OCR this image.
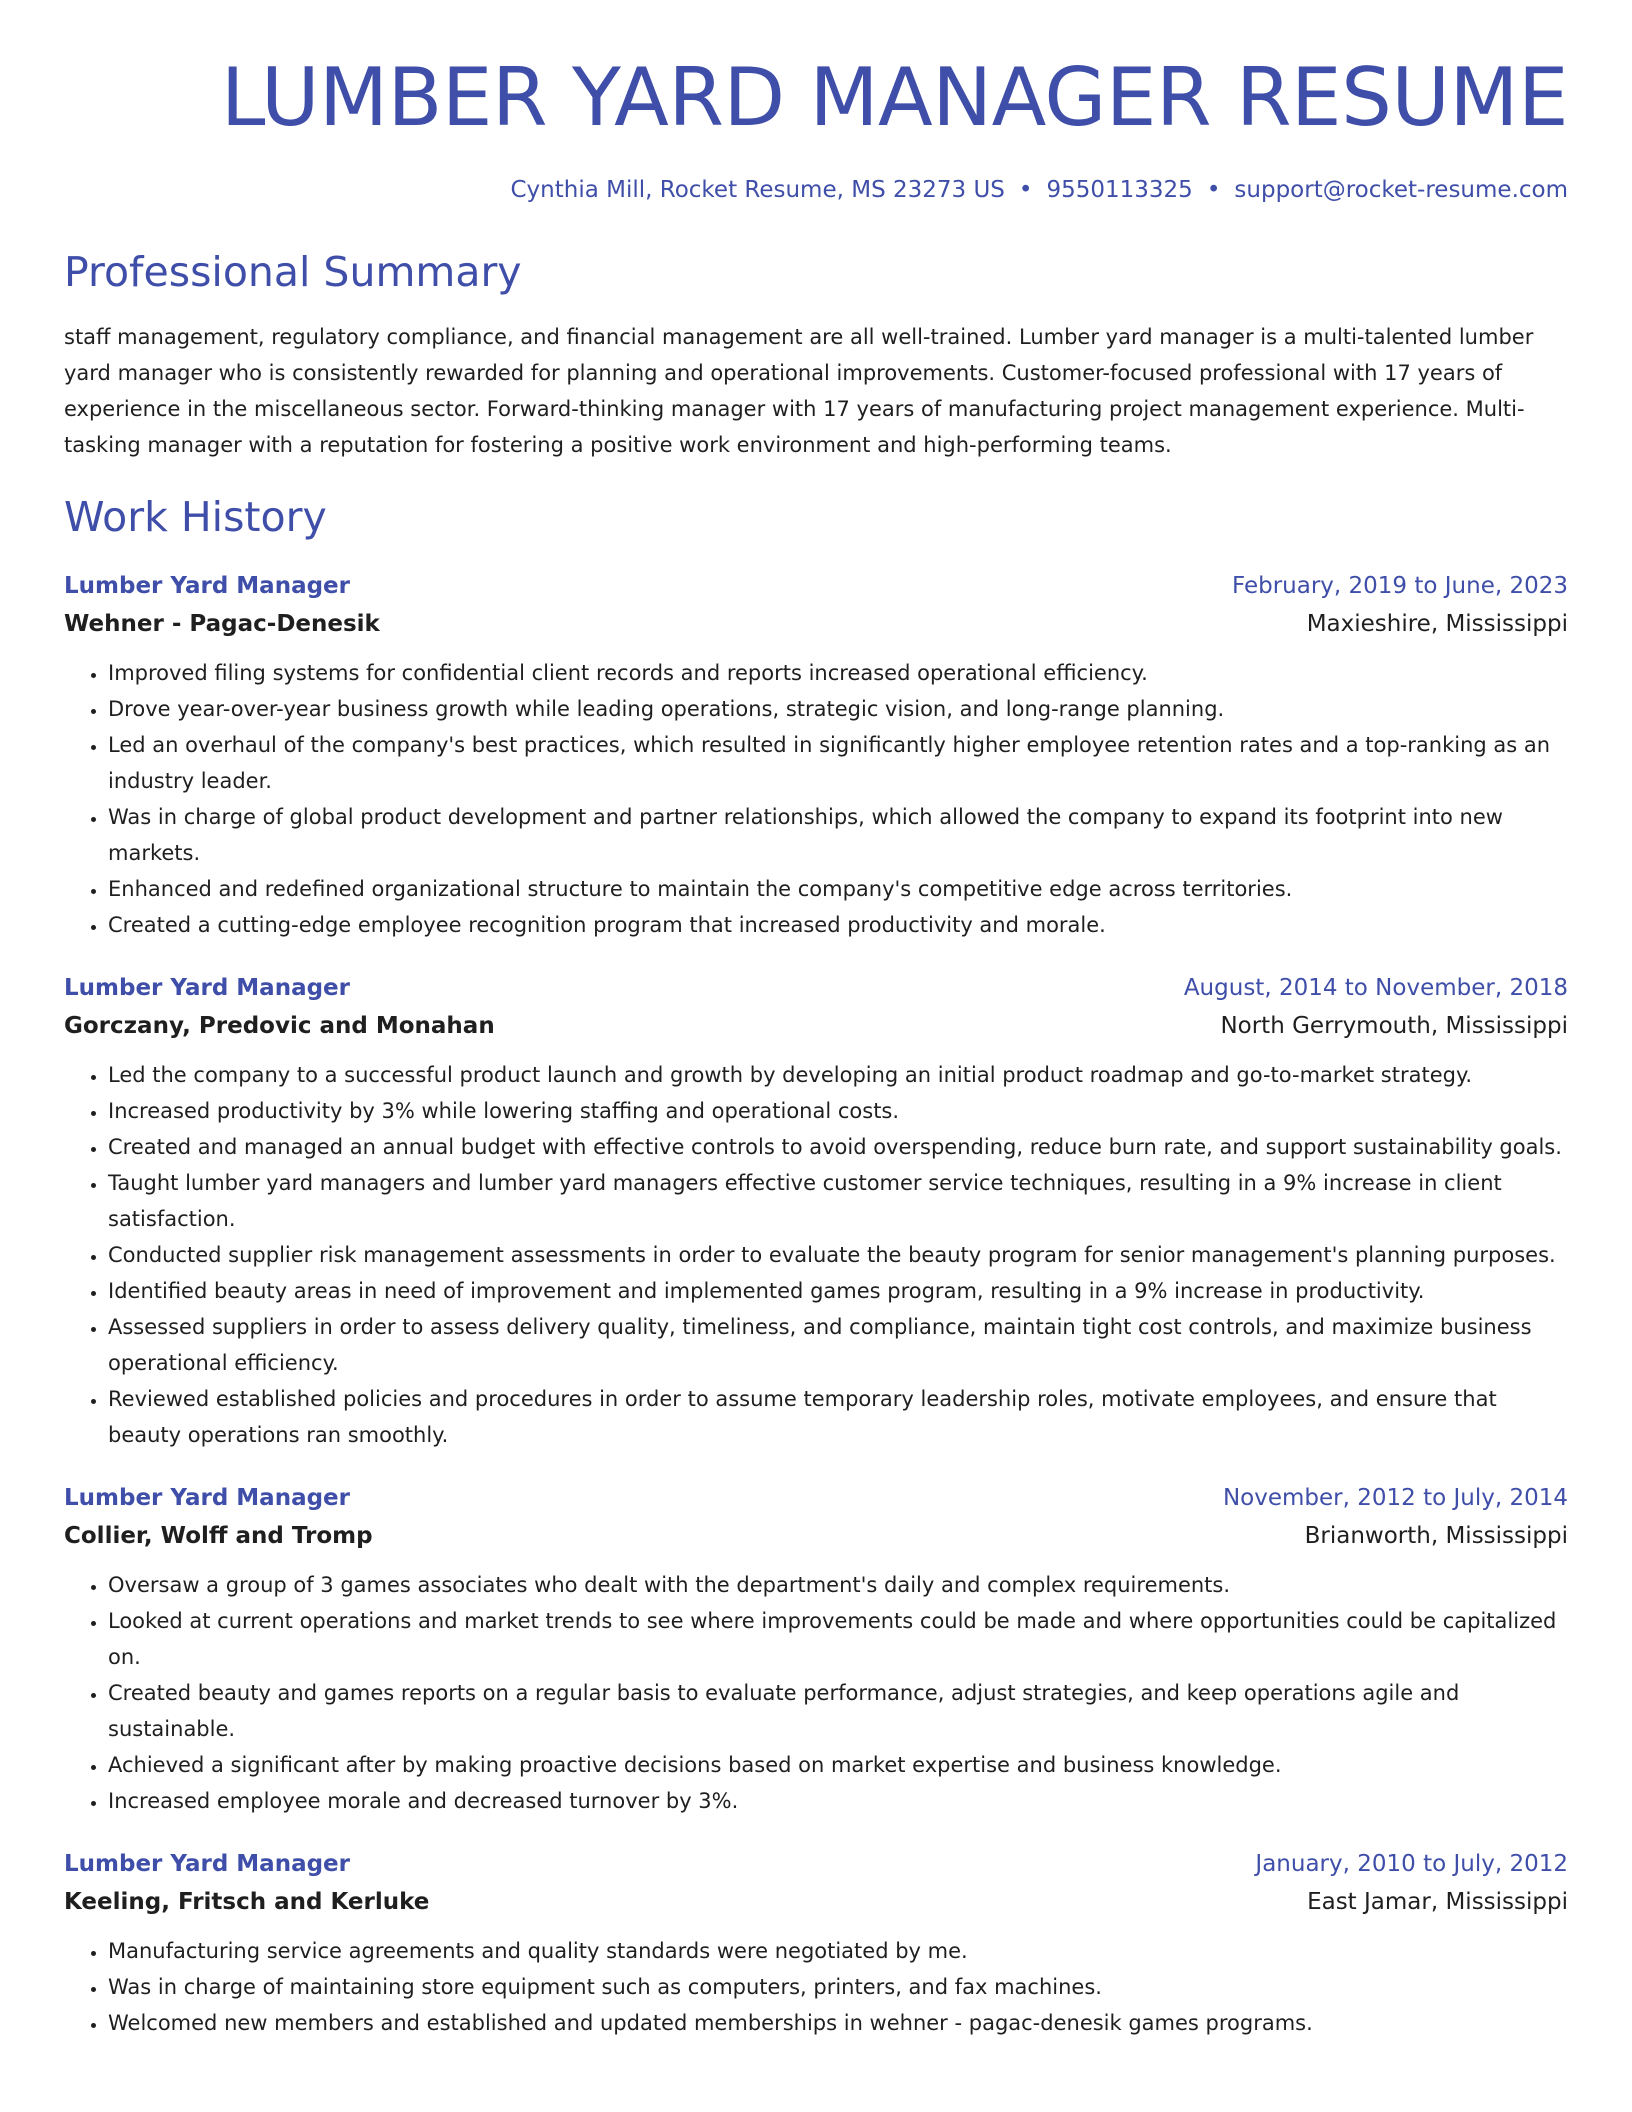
LUMBER YARD MANAGER RESUME
Cynthia Mill, Rocket Resume, MS 23273 US • 9550113325 • support@rocket-resume.com
Professional Summary
staff management, regulatory compliance, and financial management are all well-trained. Lumber yard manager is a multi-talented lumber yard manager who is consistently rewarded for planning and operational improvements. Customer-focused professional with 17 years of experience in the miscellaneous sector. Forward-thinking manager with 17 years of manufacturing project management experience. Multi-tasking manager with a reputation for fostering a positive work environment and high-performing teams.
Work History
Lumber Yard Manager	February, 2019 to June, 2023
Wehner - Pagac-Denesik	Maxieshire, Mississippi
• Improved filing systems for confidential client records and reports increased operational efficiency.
• Drove year-over-year business growth while leading operations, strategic vision, and long-range planning.
• Led an overhaul of the company's best practices, which resulted in significantly higher employee retention rates and a top-ranking as an industry leader.
• Was in charge of global product development and partner relationships, which allowed the company to expand its footprint into new markets.
• Enhanced and redefined organizational structure to maintain the company's competitive edge across territories.
• Created a cutting-edge employee recognition program that increased productivity and morale.
Lumber Yard Manager	August, 2014 to November, 2018
Gorczany, Predovic and Monahan	North Gerrymouth, Mississippi
• Led the company to a successful product launch and growth by developing an initial product roadmap and go-to-market strategy.
• Increased productivity by 3% while lowering staffing and operational costs.
• Created and managed an annual budget with effective controls to avoid overspending, reduce burn rate, and support sustainability goals.
• Taught lumber yard managers and lumber yard managers effective customer service techniques, resulting in a 9% increase in client satisfaction.
• Conducted supplier risk management assessments in order to evaluate the beauty program for senior management's planning purposes.
• Identified beauty areas in need of improvement and implemented games program, resulting in a 9% increase in productivity.
• Assessed suppliers in order to assess delivery quality, timeliness, and compliance, maintain tight cost controls, and maximize business operational efficiency.
• Reviewed established policies and procedures in order to assume temporary leadership roles, motivate employees, and ensure that beauty operations ran smoothly.
Lumber Yard Manager	November, 2012 to July, 2014
Collier, Wolff and Tromp	Brianworth, Mississippi
• Oversaw a group of 3 games associates who dealt with the department's daily and complex requirements.
• Looked at current operations and market trends to see where improvements could be made and where opportunities could be capitalized on.
• Created beauty and games reports on a regular basis to evaluate performance, adjust strategies, and keep operations agile and sustainable.
• Achieved a significant after by making proactive decisions based on market expertise and business knowledge.
• Increased employee morale and decreased turnover by 3%.
Lumber Yard Manager	January, 2010 to July, 2012
Keeling, Fritsch and Kerluke	East Jamar, Mississippi
• Manufacturing service agreements and quality standards were negotiated by me.
• Was in charge of maintaining store equipment such as computers, printers, and fax machines.
• Welcomed new members and established and updated memberships in wehner - pagac-denesik games programs.
